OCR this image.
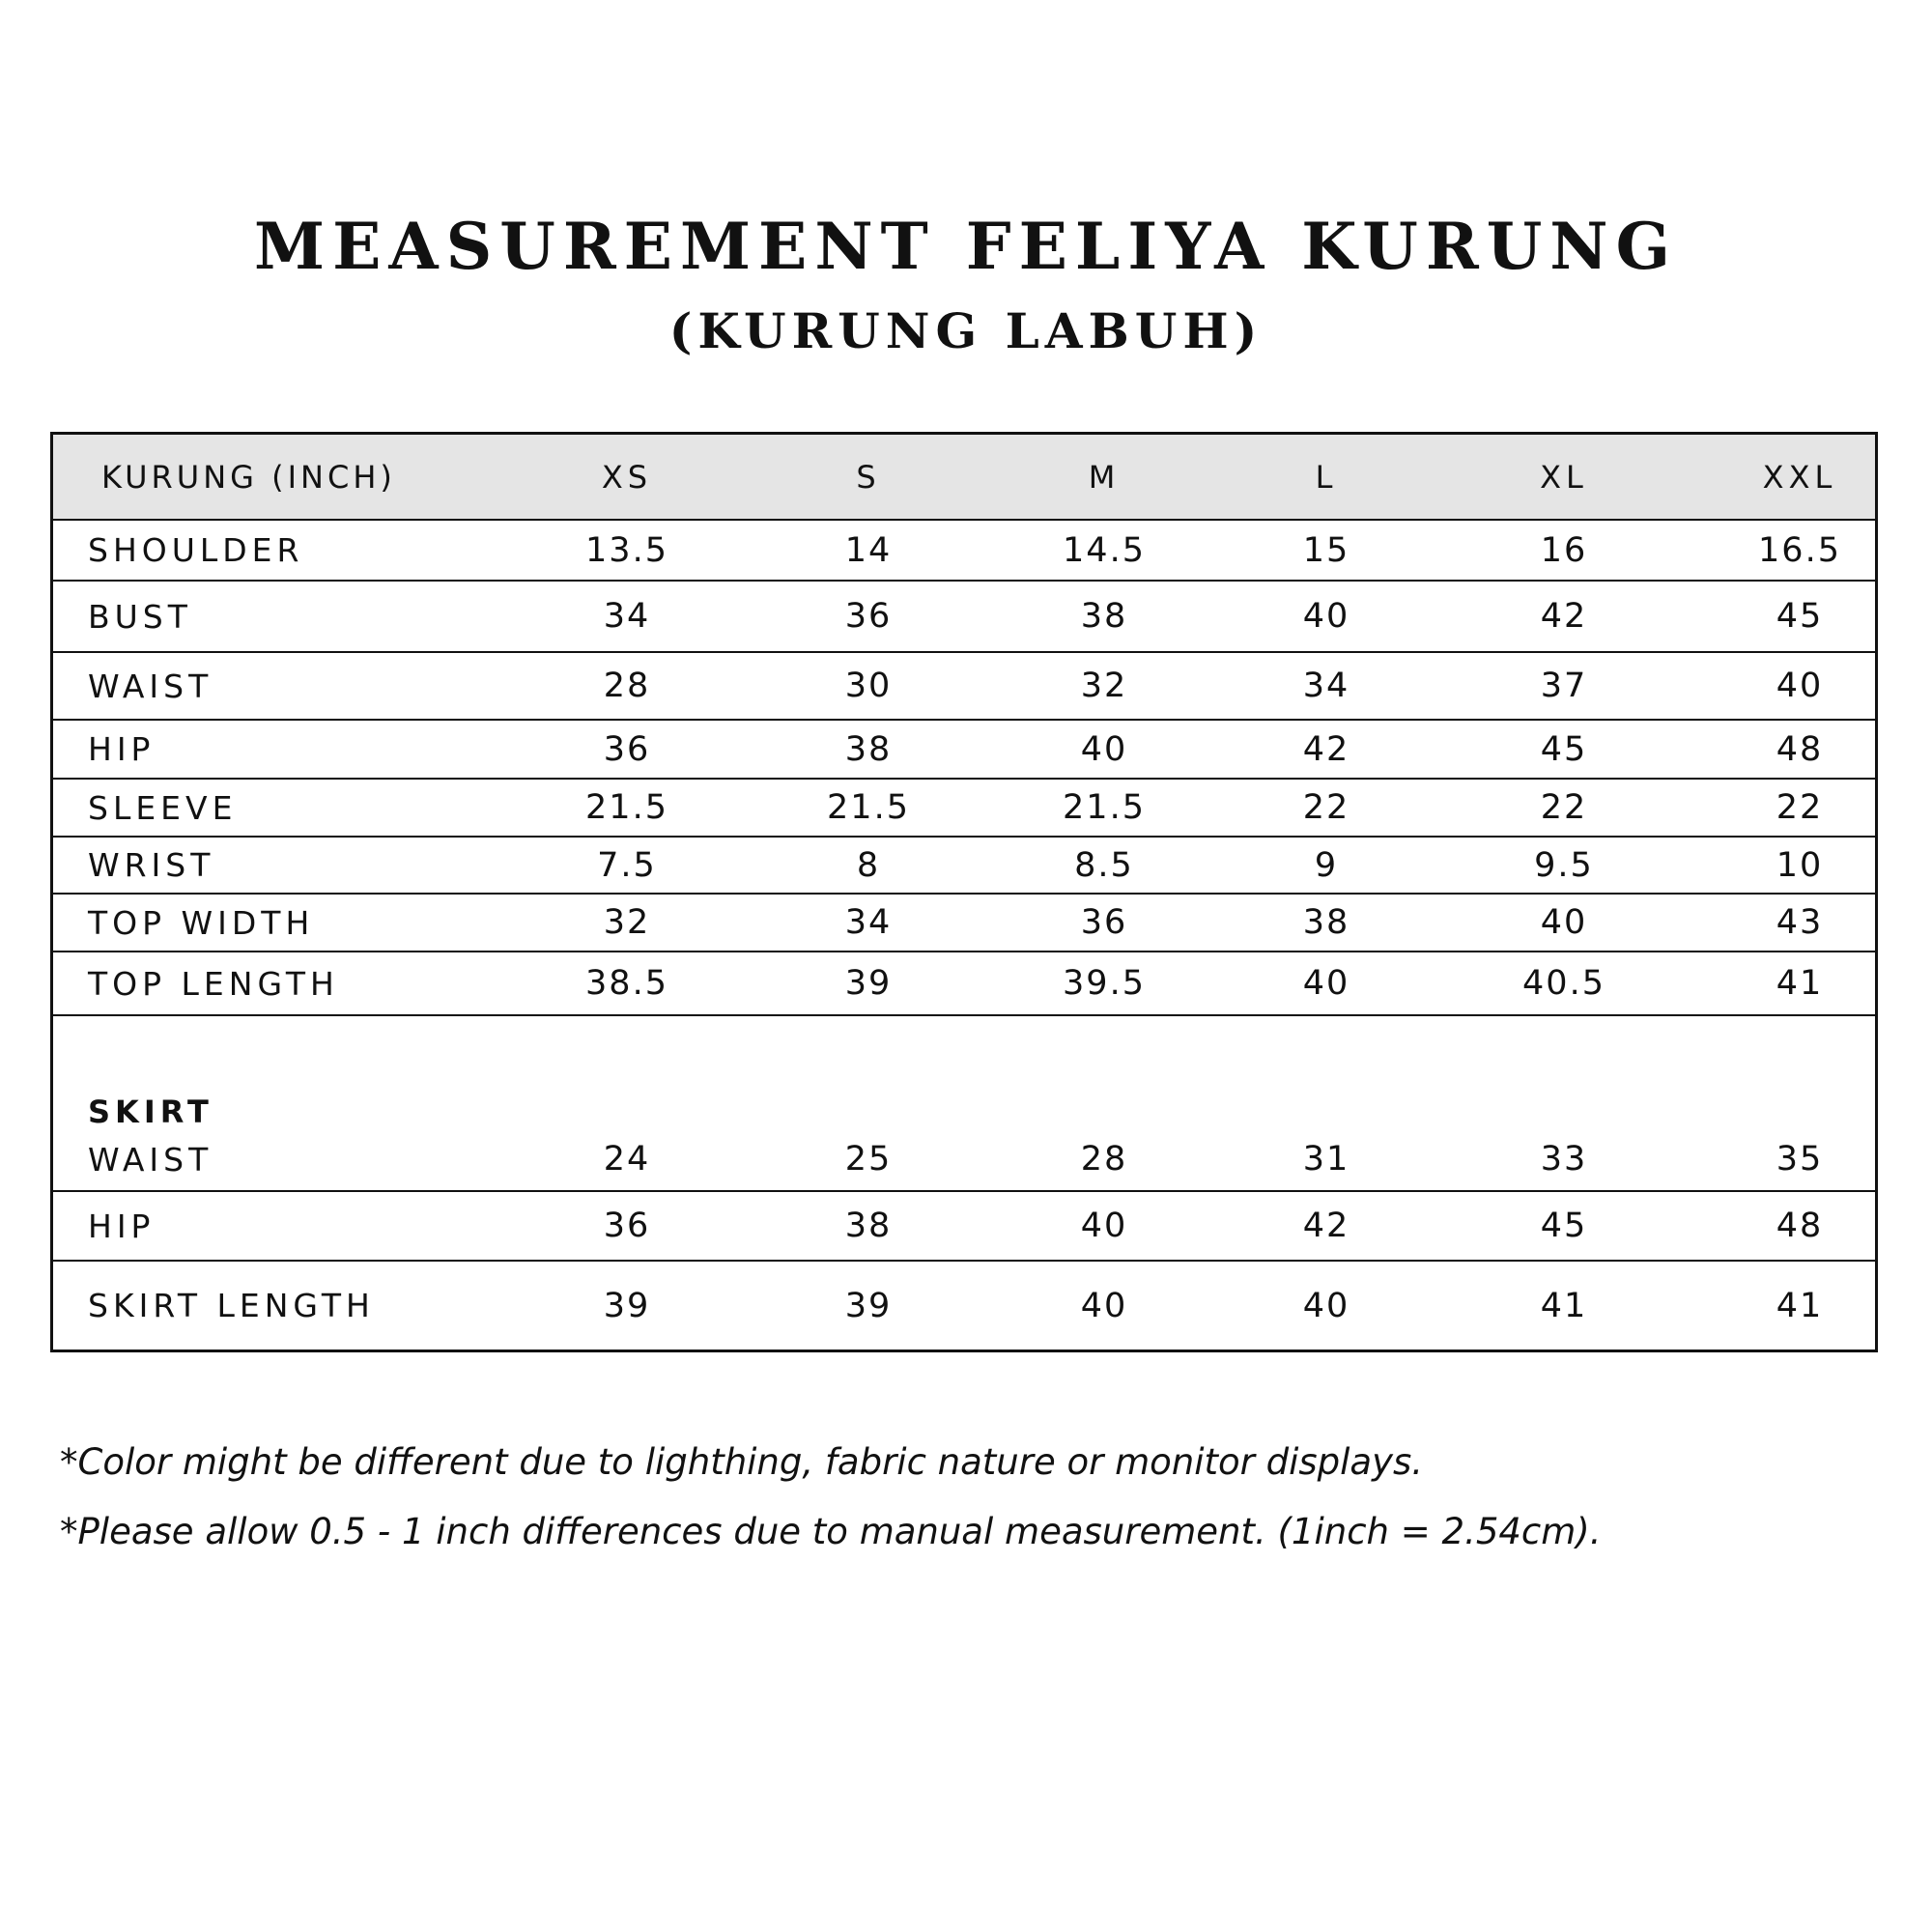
MEASUREMENT FELIYA KURUNG
(KURUNG LABUH)
KURUNG (INCH)	XS	S	M	L	XL	XXL
SHOULDER	13.5	14	14.5	15	16	16.5
BUST	34	36	38	40	42	45
WAIST	28	30	32	34	37	40
HIP	36	38	40	42	45	48
SLEEVE	21.5	21.5	21.5	22	22	22
WRIST	7.5	8	8.5	9	9.5	10
TOP WIDTH	32	34	36	38	40	43
TOP LENGTH	38.5	39	39.5	40	40.5	41
SKIRT
WAIST	24	25	28	31	33	35
HIP	36	38	40	42	45	48
SKIRT LENGTH	39	39	40	40	41	41
*Color might be different due to lighthing, fabric nature or monitor displays.
*Please allow 0.5 - 1 inch differences due to manual measurement. (1inch = 2.54cm).
